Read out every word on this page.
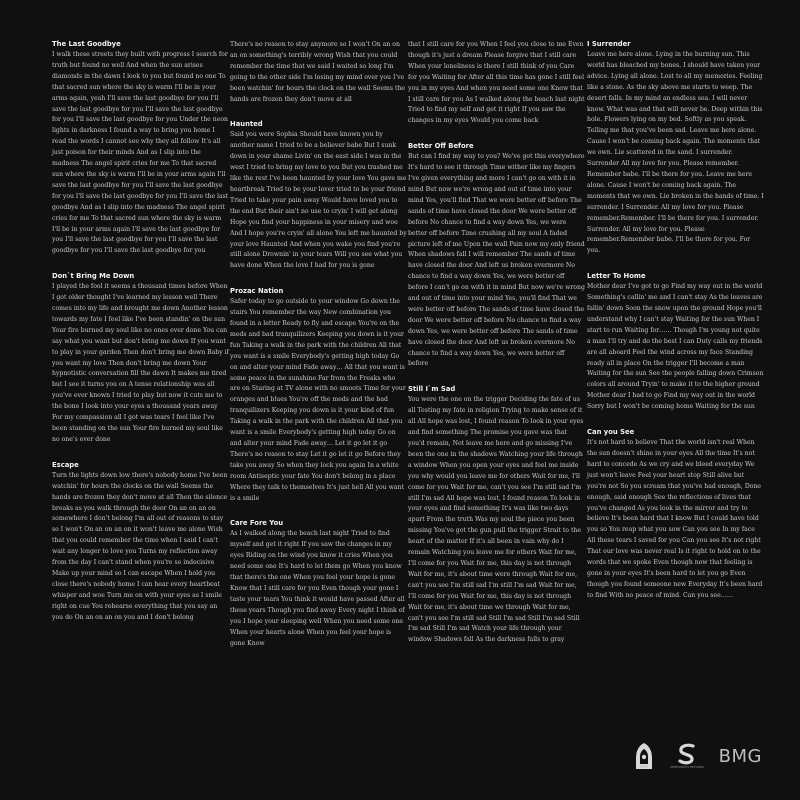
The Last Goodbye

I walk these streets they built with progress I search for truth but found no well And when the sun arises diamonds in the dawn I look to you but found no one To that sacred sun where the sky is warm I'll be in your arms again, yeah I'll save the last goodbye for you I'll save the last goodbye for you I'll save the last goodbye for you I'll save the last goodbye for you Under the neon lights in darkness I found a way to bring you home I read the words I cannot see why they all follow It's all just poison for their minds And as I slip into the madness The angel spirit cries for me To that sacred sun where the sky is warm I'll be in your arms again I'll save the last goodbye for you I'll save the last goodbye for you I'll save the last goodbye for you I'll save the last goodbye And as I slip into the madness The angel spirit cries for me To that sacred sun where the sky is warm I'll be in your arms again I'll save the last goodbye for you I'll save the last goodbye for you I'll save the last goodbye for you I'll save the last goodbye for you

Don`t Bring Me Down

I played the fool it seems a thousand times before When I got older thought I've learned my lesson well There comes into my life and brought me down Another lesson towards my fate I feel like I've been standin' on the sun Your fire burned my soul like no ones ever done You can say what you want but don't bring me down If you want to play in your garden Then don't bring me down Baby if you want my love Then don't bring me down Your hypnotistic conversation fill the dawn It makes me tired but I see it turns you on A tense relationship was all you've ever known I tried to play but now it cuts me to the bone I look into your eyes a thousand years away For my compassion all I got was tears I feel like I've been standing on the sun Your fire burned my soul like no one's ever done

Escape

Turn the lights down low there's nobody home I've been watchin' for hours the clocks on the wall Seems the hands are frozen they don't move at all Then the silence breaks as you walk through the door On an on an on somewhere I don't belong I'm all out of reasons to stay so I won't On an on an on it won't leave me alone Wish that you could remember the time when I said I can't wait any longer to love you Turns my reflection away from the day I can't stand when you're so indecisive Make up your mind so I can escape When I hold you close there's nobody home I can hear every heartbeat whisper and woe Turn me on with your eyes as I smile right on cue You rehearse everything that you say an you do On an on an on you and I don't belong

There's no reason to stay anymore so I won't On an on an on something's terribly wrong Wish that you could remember the time that we said I waited so long I'm going to the other side I'm losing my mind over you I've been watchin' for hours the clock on the wall Seems the hands are frozen they don't move at all

Haunted

Said you were Sophia Should have known you by another name I tried to be a believer babe But I sunk down in your shame Livin' on the east side I was in the west I tried to bring my love to you But you trashed me like the rest I've been haunted by your love You gave me heartbreak Tried to be your lover tried to be your friend Tried to take your pain away Would have loved you to the end But their ain't no use to cryin' I will get along Hope you find your happiness in your misery and woe And I hope you're cryin' all alone You left me haunted by your love Haunted And when you wake you find you're still alone Drownin' in your tears Will you see what you have done When the love I had for you is gone

Prozac Nation

Safer today to go outside to your window Go down the stairs You remember the way New combination you found in a letter Ready to fly and escape You're on the meds and bad tranquilizers Keeping you down is it your fun Taking a walk in the park with the children All that you want is a smile Everybody's getting high today Go on and alter your mind Fade away… All that you want is some peace in the sunshine Far from the Freaks who are on Staring at TV alone with no smoots Time for your oranges and blues You're off the meds and the bad tranquilizers Keeping you down is it your kind of fun Taking a walk in the park with the children All that you want is a smile Everybody's getting high today Go on and alter your mind Fade away… Let it go let it go There's no reason to stay Let it go let it go Before they take you away So when they lock you again In a white room Antiseptic your fate You don't belong in a place Where they talk to themselves It's just hell All you want is a smile

Care Fore You

As I walked along the beach last night Tried to find myself and get it right If you saw the changes in my eyes Riding on the wind you know it cries When you need some one It's hard to let them go When you know that there's the one When you feel your hope is gone Know that I still care for you Even though your gone I taste your tears You think it would have passed After all these years Though you find away Every night I think of you I hope your sleeping well When you need some one When your hearts alone When you feel your hope is gone Know

that I still care for you When I feel you close to me Even though it's just a dream Please forgive that I still care When your loneliness is there I still think of you Care for you Waiting for After all this time has gone I still feel you in my eyes And when you need some one Know that I still care for you As I walked along the beach last night Tried to find my self and get it right If you saw the changes in my eyes Would you come back

Better Off Before

But can I find my way to you? We've got this everywhere It's hard to see it through Time wither like my fingers I've given everything and more I can't go on with it in mind But now we're wrong and out of time into your mind Yes, you'll find That we were better off before The sands of time have closed the door We were better off before No chance to find a way down Yes, we were better off before Time crushing all my soul A faded picture left of me Upon the wall Pain now my only friend When shadows fall I will remember The sands of time have closed the door And left us broken evermore No chance to find a way down Yes, we were better off before I can't go on with it in mind But now we're wrong and out of time into your mind Yes, you'll find That we were better off before The sands of time have closed the door We were better off before No chance to find a way down Yes, we were better off before The sands of time have closed the door And left us broken evermore No chance to find a way down Yes, we were better off before

Still I`m Sad

You were the one on the trigger Deciding the fate of us all Testing my fate in religion Trying to make sense of it all All hope was lost, I found reason To look in your eyes and find something The promise you gave was that you'd remain, Not leave me here and go missing I've been the one in the shadows Watching your life through a window When you open your eyes and feel me inside you why would you leave me for others Wait for me, I'll come for you Wait for me, can't you see I'm still sad I'm still I'm sad All hope was lost, I found reason To look in your eyes and find something It's was like two days apart From the truth Was my soul the piece you been missing You've got the gun pull the trigger Strait to the heart of the matter If it's all been in vain why do I remain Watching you leave me for others Wait for me, I'll come for you Wait for me, this day is not through Wait for me, it's about time were through Wait for me, can't you see I'm still sad I'm still I'm sad Wait for me, I'll come for you Wait for me, this day is not through Wait for me, it's about time we through Wait for me, can't you see I'm still sad Still I'm sad Still I'm sad Still I'm sad Still I'm sad Watch your life through your window Shadows fall As the darkness falls to gray

I Surrender

Leave me here alone. Lying in the burning sun. This world has bleached my bones. I should have taken your advice. Lying all alone. Lost to all my memories. Feeling like a stone. As the sky above me starts to weep. The desert falls. In my mind an endless sea. I will never know. What was and that will never be. Deep within this hole. Flowers lying on my bed. Softly as you speak. Telling me that you've been sad. Leave me here alone. Cause I won't be coming back again. The moments that we own. Lie scattered in the sand. I surrender. Surrender All my love for you. Please remember. Remember babe. I'll be there for you. Leave me here alone. Cause I won't be coming back again. The moments that we own. Lie broken in the hands of time. I surrender. I Surrender. All my love for you. Please remember.Remember. I'll be there for you. I surrender. Surrender. All my love for you. Please remember.Remember babe. I'll be there for you. For you.

Letter To Home

Mother dear I've got to go Find my way out in the world Something's callin' me and I can't stay As the leaves are fallin' down Soon the snow upon the ground Hope you'll understand why I can't stay Waiting for the sun When I start to run Waiting for…… Though I'm young not quite a man I'll try and do the best I can Duty calls my friends are all aboard Feel the wind across my face Standing ready all in place On the trigger I'll become a man Waiting for the sun See the people falling down Crimson colors all around Tryin' to make it to the higher ground Mother dear I had to go Find my way out in the world Sorry but I won't be coming home Waiting for the sun

Can you See

It's not hard to believe That the world isn't real When the sun doesn't shine in your eyes All the time It's not hard to concede As we cry and we bleed everyday We just won't leave Feel your heart stop Still alive but you're not So you scream that you've had enough, Done enough, said enough See the reflections of lives that you've changed As you look in the mirror and try to believe It's been hard that I know But I could have told you so You reap what you sow Can you see In my face All these tears I saved for you Can you see It's not right That our love was never real Is it right to hold on to the words that we spoke Even though now that feeling is gone in your eyes It's been hard to let you go Even though you found someone new Everyday It's been hard to find With no peace of mind. Can you see……

SAGA	SERENDIPITY RECORDS
BMG
